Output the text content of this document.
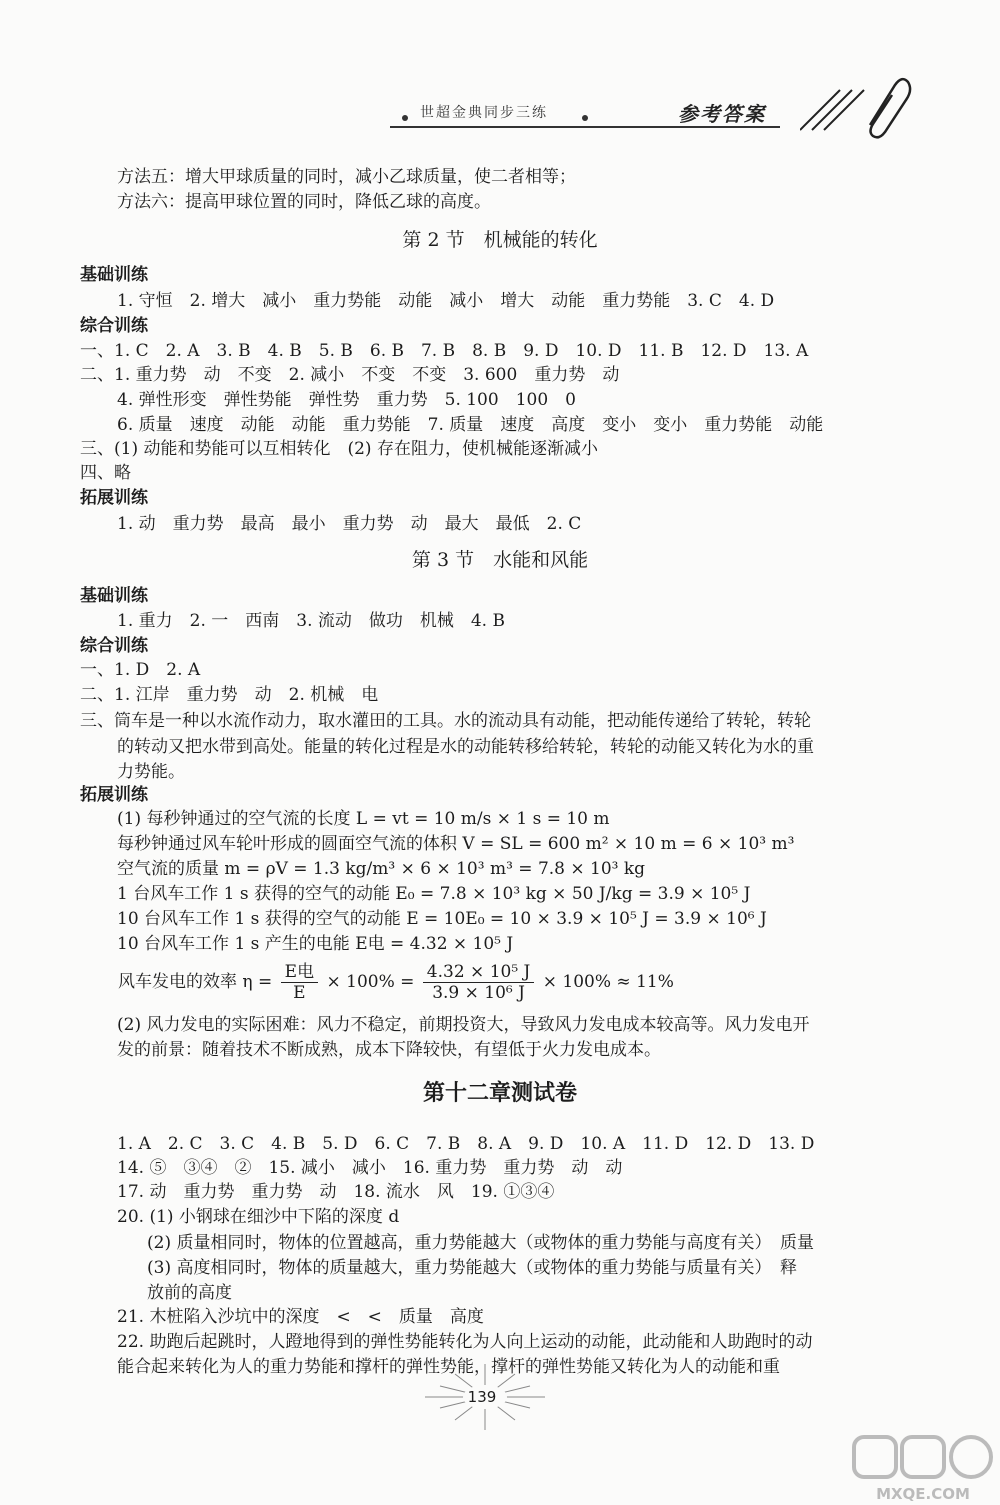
世超金典同步三练	参考答案
方法五：增大甲球质量的同时，减小乙球质量，使二者相等；
方法六：提高甲球位置的同时，降低乙球的高度。
第 2 节　机械能的转化
基础训练
1. 守恒　2. 增大　减小　重力势能　动能　减小　增大　动能　重力势能　3. C　4. D
综合训练
一、1. C　2. A　3. B　4. B　5. B　6. B　7. B　8. B　9. D　10. D　11. B　12. D　13. A
二、1. 重力势　动　不变　2. 减小　不变　不变　3. 600　重力势　动
4. 弹性形变　弹性势能　弹性势　重力势　5. 100　100　0
6. 质量　速度　动能　动能　重力势能　7. 质量　速度　高度　变小　变小　重力势能　动能
三、(1) 动能和势能可以互相转化　(2) 存在阻力，使机械能逐渐减小
四、略
拓展训练
1. 动　重力势　最高　最小　重力势　动　最大　最低　2. C
第 3 节　水能和风能
基础训练
1. 重力　2. 一　西南　3. 流动　做功　机械　4. B
综合训练
一、1. D　2. A
二、1. 江岸　重力势　动　2. 机械　电
三、筒车是一种以水流作动力，取水灌田的工具。水的流动具有动能，把动能传递给了转轮，转轮
的转动又把水带到高处。能量的转化过程是水的动能转移给转轮，转轮的动能又转化为水的重
力势能。
拓展训练
(1) 每秒钟通过的空气流的长度 L = vt = 10 m/s × 1 s = 10 m
每秒钟通过风车轮叶形成的圆面空气流的体积 V = SL = 600 m² × 10 m = 6 × 10³ m³
空气流的质量 m = ρV = 1.3 kg/m³ × 6 × 10³ m³ = 7.8 × 10³ kg
1 台风车工作 1 s 获得的空气的动能 E₀ = 7.8 × 10³ kg × 50 J/kg = 3.9 × 10⁵ J
10 台风车工作 1 s 获得的空气的动能 E = 10E₀ = 10 × 3.9 × 10⁵ J = 3.9 × 10⁶ J
10 台风车工作 1 s 产生的电能 E电 = 4.32 × 10⁵ J
风车发电的效率 $\eta = \frac{\text{E电}}{E} \times 100\% = \frac{\text{4.32 × 10⁵ J}}{\text{3.9 × 10⁶ J}} \times 100\% \approx 11\%$
(2) 风力发电的实际困难：风力不稳定，前期投资大，导致风力发电成本较高等。风力发电开
发的前景：随着技术不断成熟，成本下降较快，有望低于火力发电成本。
第十二章测试卷
1. A　2. C　3. C　4. B　5. D　6. C　7. B　8. A　9. D　10. A　11. D　12. D　13. D
14. ⑤　③④　②　15. 减小　减小　16. 重力势　重力势　动　动
17. 动　重力势　重力势　动　18. 流水　风　19. ①③④
20. (1) 小钢球在细沙中下陷的深度 d
(2) 质量相同时，物体的位置越高，重力势能越大（或物体的重力势能与高度有关）　质量
(3) 高度相同时，物体的质量越大，重力势能越大（或物体的重力势能与质量有关）　释
放前的高度
21. 木桩陷入沙坑中的深度　<　<　质量　高度
22. 助跑后起跳时，人蹬地得到的弹性势能转化为人向上运动的动能，此动能和人助跑时的动
能合起来转化为人的重力势能和撑杆的弹性势能，撑杆的弹性势能又转化为人的动能和重
139
MXQE.COM
